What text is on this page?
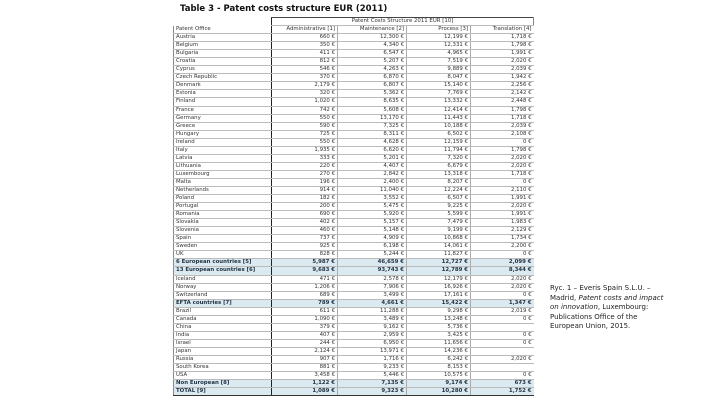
Table 3 - Patent costs structure EUR (2011)
	Patent Costs Structure 2011 EUR [10]			
Patent Office	Administrative [1]	Maintenance [2]	Process [3]	Translation [4]
Austria	660 €	12,300 €	12,199 €	1,718 €
Belgium	350 €	4,340 €	12,331 €	1,798 €
Bulgaria	411 €	6,547 €	4,965 €	1,991 €
Croatia	812 €	5,207 €	7,519 €	2,020 €
Cyprus	546 €	4,263 €	9,889 €	2,039 €
Czech Republic	370 €	6,870 €	8,047 €	1,942 €
Denmark	2,179 €	6,807 €	15,140 €	2,256 €
Estonia	320 €	5,362 €	7,769 €	2,142 €
Finland	1,020 €	8,635 €	13,332 €	2,448 €
France	742 €	5,608 €	12,414 €	1,798 €
Germany	550 €	13,170 €	11,443 €	1,718 €
Greece	590 €	7,325 €	10,188 €	2,039 €
Hungary	725 €	8,311 €	6,502 €	2,108 €
Ireland	550 €	4,628 €	12,159 €	0 €
Italy	1,935 €	6,620 €	11,794 €	1,798 €
Latvia	333 €	5,201 €	7,320 €	2,020 €
Lithuania	220 €	4,407 €	6,679 €	2,020 €
Luxembourg	270 €	2,842 €	13,318 €	1,718 €
Malta	196 €	2,400 €	8,207 €	0 €
Netherlands	914 €	11,040 €	12,224 €	2,110 €
Poland	182 €	3,552 €	6,507 €	1,991 €
Portugal	200 €	5,475 €	9,225 €	2,020 €
Romania	690 €	5,920 €	5,599 €	1,991 €
Slovakia	402 €	5,157 €	7,479 €	1,983 €
Slovenia	460 €	5,148 €	9,199 €	2,129 €
Spain	737 €	4,909 €	10,868 €	1,734 €
Sweden	925 €	6,198 €	14,061 €	2,200 €
UK	828 €	5,244 €	11,827 €	0 €
6 European countries [5]	5,987 €	46,659 €	12,727 €	2,099 €
13 European countries [6]	9,683 €	93,743 €	12,789 €	8,344 €
Iceland	471 €	2,578 €	12,179 €	2,020 €
Norway	1,206 €	7,906 €	16,926 €	2,020 €
Switzerland	689 €	3,499 €	17,161 €	0 €
EFTA countries [7]	789 €	4,661 €	15,422 €	1,347 €
Brazil	611 €	11,288 €	9,298 €	2,019 €
Canada	1,090 €	3,489 €	13,248 €	0 €
China	379 €	9,162 €	5,736 €	
India	407 €	2,959 €	3,425 €	0 €
Israel	244 €	6,950 €	11,656 €	0 €
Japan	2,124 €	13,971 €	14,236 €	
Russia	907 €	1,716 €	6,242 €	2,020 €
South Korea	881 €	9,233 €	8,153 €	
USA	3,458 €	5,446 €	10,575 €	0 €
Non European [8]	1,122 €	7,135 €	9,174 €	673 €
TOTAL [9]	1,089 €	9,323 €	10,280 €	1,752 €
Ryc. 1 – Everis Spain S.L.U. – Madrid, Patent costs and impact on innovation, Luxembourg: Publications Office of the European Union, 2015.
